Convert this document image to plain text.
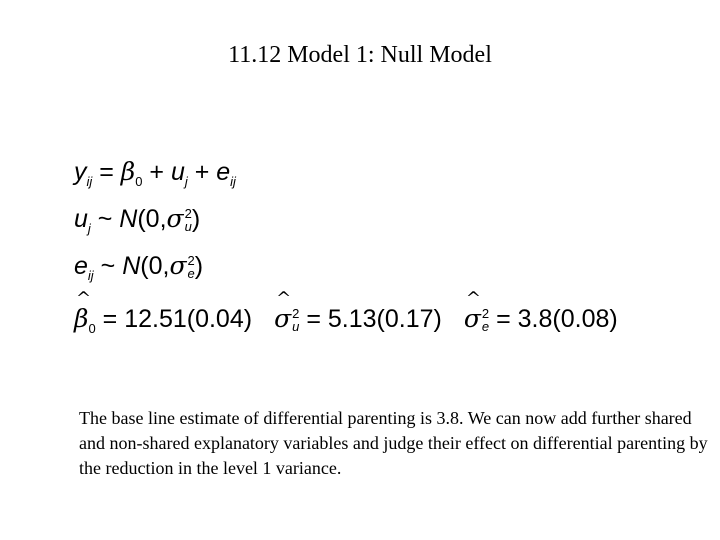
11.12 Model 1: Null Model
$y_{ij} = \beta_0 + u_j + e_{ij}$
$u_j$ ~ N(0,σ 2
u )
$e_{ij}$ ~ N(0,σ 2
e )
^ $\beta_0$ = 12.51(0.04)^ σ 2
u = 5.13(0.17)^ σ 2
e = 3.8(0.08)

The base line estimate of differential parenting is 3.8. We can now add further shared and non-shared explanatory variables and judge their effect on differential parenting by the reduction in the level 1 variance.
